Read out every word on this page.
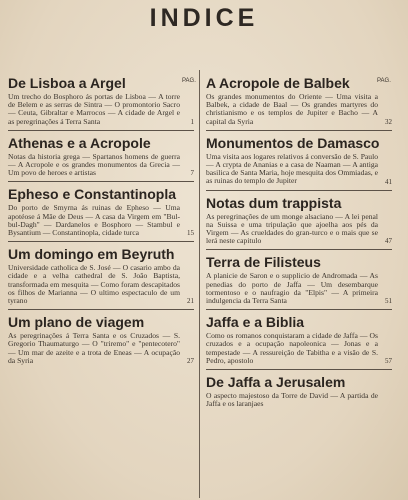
INDICE
PAG.	PAG.
De Lisboa a Argel

Um trecho do Bosphoro ás portas de Lisboa — A torre de Belem e as serras de Sintra — O promontorio Sacro — Ceuta, Gibraltar e Marrocos — A cidade de Argel e as peregrinações á Terra Santa	1
Athenas e a Acropole

Notas da historia grega — Spartanos homens de guerra — A Acropole e os grandes monumentos da Grecia — Um povo de heroes e artistas	7
Epheso e Constantinopla

Do porto de Smyrna ás ruinas de Epheso — Uma apotéose á Mãe de Deus — A casa da Virgem em "Bul-bul-Dagh" — Dardanelos e Bosphoro — Stambul e Bysantium — Constantinopla, cidade turca	15
Um domingo em Beyruth

Universidade catholica de S. José — O casario ambo da cidade e a velha cathedral de S. João Baptista, transformada em mesquita — Como foram descapitados os filhos de Marianna — O ultimo espectaculo de um tyrano	21
Um plano de viagem

As peregrinações á Terra Santa e os Cruzados — S. Gregorio Thaumaturgo — O "triremo" e "pentecotero" — Um mar de azeite e a trota de Eneas — A ocupação da Syria	27
A Acropole de Balbek

Os grandes monumentos do Oriente — Uma visita a Balbek, a cidade de Baal — Os grandes martyres do christianismo e os templos de Jupiter e Bacho — A capital da Syria	32
Monumentos de Damasco

Uma visita aos logares relativos á conversão de S. Paulo — A crypta de Ananias e a casa de Naaman — A antiga basilica de Santa Maria, hoje mesquita dos Ommiadas, e as ruinas do templo de Jupiter	41
Notas dum trappista

As peregrinações de um monge alsaciano — A lei penal na Suissa e uma tripulação que ajoelha aos pés da Virgem — As crueldades do gran-turco e o mais que se lerá neste capitulo	47
Terra de Filisteus

A planicie de Saron e o supplicio de Andromada — As penedias do porto de Jaffa — Um desembarque tormentoso e o naufragio da "Elpis" — A primeira indulgencia da Terra Santa	51
Jaffa e a Biblia

Como os romanos conquistaram a cidade de Jaffa — Os cruzados e a ocupação napoleonica — Jonas e a tempestade — A ressureição de Tabitha e a visão de S. Pedro, apostolo	57
De Jaffa a Jerusalem

O aspecto majestoso da Torre de David — A partida de Jaffa e os laranjaes
